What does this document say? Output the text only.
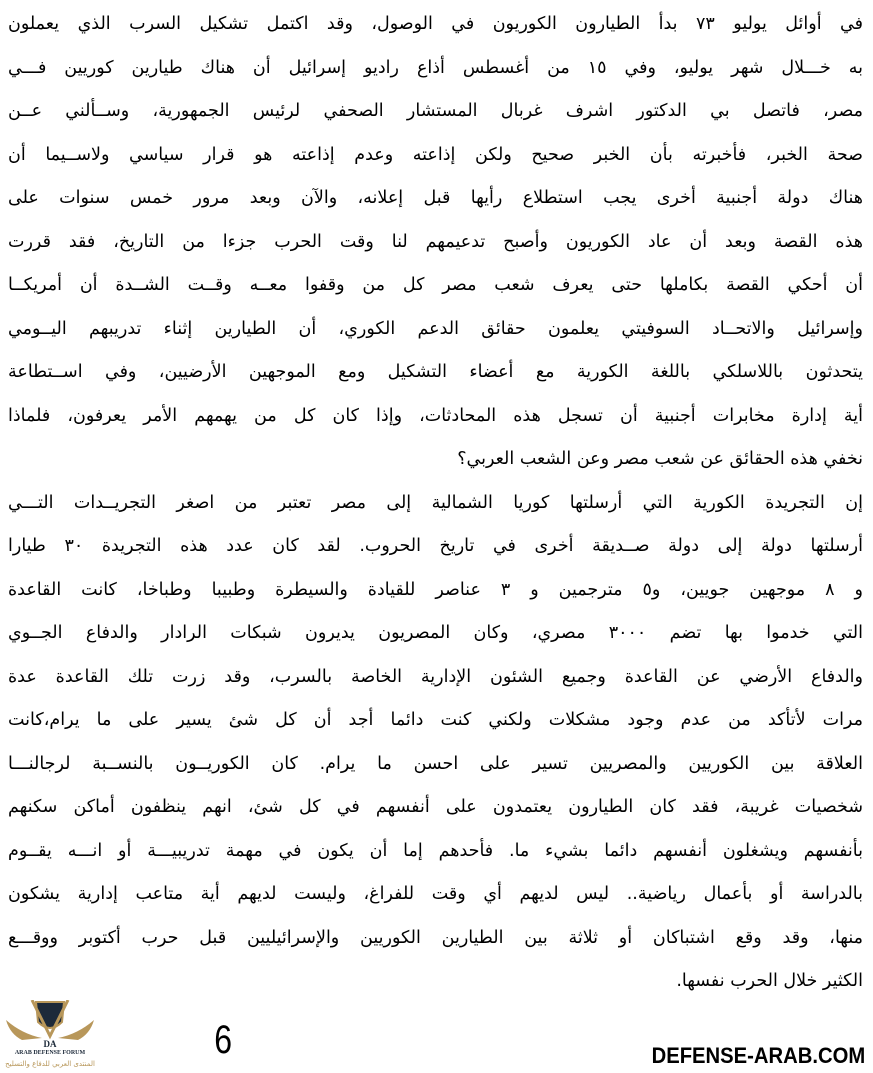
في أوائل يوليو ٧٣ بدأ الطيارون الكوريون في الوصول، وقد اكتمل تشكيل السرب الذي يعملون
به خـــلال شهر يوليو، وفي ١٥ من أغسطس أذاع راديو إسرائيل أن هناك طيارين كوريين فـــي
مصر، فاتصل بي الدكتور اشرف غربال المستشار الصحفي لرئيس الجمهورية، وســألني عــن
صحة الخبر، فأخبرته بأن الخبر صحيح ولكن إذاعته وعدم إذاعته هو قرار سياسي ولاســيما أن
هناك دولة أجنبية أخرى يجب استطلاع رأيها قبل إعلانه، والآن وبعد مرور خمس سنوات على
هذه القصة وبعد أن عاد الكوريون وأصبح تدعيمهم لنا وقت الحرب جزءا من التاريخ، فقد قررت
أن أحكي القصة بكاملها حتى يعرف شعب مصر كل من وقفوا معــه وقــت الشــدة أن أمريكــا
وإسرائيل والاتحــاد السوفيتي يعلمون حقائق الدعم الكوري، أن الطيارين إثناء تدريبهم اليــومي
يتحدثون باللاسلكي باللغة الكورية مع أعضاء التشكيل ومع الموجهين الأرضيين، وفي اســتطاعة
أية إدارة مخابرات أجنبية أن تسجل هذه المحادثات، وإذا كان كل من يهمهم الأمر يعرفون، فلماذا
نخفي هذه الحقائق عن شعب مصر وعن الشعب العربي؟
إن التجريدة الكورية التي أرسلتها كوريا الشمالية إلى مصر تعتبر من اصغر التجريــدات التـــي
أرسلتها دولة إلى دولة صــديقة أخرى في تاريخ الحروب. لقد كان عدد هذه التجريدة ٣٠ طيارا
و ٨ موجهين جويين، و٥ مترجمين و ٣ عناصر للقيادة والسيطرة وطبيبا وطباخا، كانت القاعدة
التي خدموا بها تضم ٣٠٠٠ مصري، وكان المصريون يديرون شبكات الرادار والدفاع الجــوي
والدفاع الأرضي عن القاعدة وجميع الشئون الإدارية الخاصة بالسرب، وقد زرت تلك القاعدة عدة
مرات لأتأكد من عدم وجود مشكلات ولكني كنت دائما أجد أن كل شئ يسير على ما يرام،كانت
العلاقة بين الكوريين والمصريين تسير على احسن ما يرام. كان الكوريــون بالنســبة لرجالنـــا
شخصيات غريبة، فقد كان الطيارون يعتمدون على أنفسهم في كل شئ، انهم ينظفون أماكن سكنهم
بأنفسهم ويشغلون أنفسهم دائما بشيء ما. فأحدهم إما أن يكون في مهمة تدريبيـــة أو انـــه يقــوم
بالدراسة أو بأعمال رياضية.. ليس لديهم أي وقت للفراغ، وليست لديهم أية متاعب إدارية يشكون
منها، وقد وقع اشتباكان أو ثلاثة بين الطيارين الكوريين والإسرائيليين قبل حرب أكتوبر ووقـــع
الكثير خلال الحرب نفسها.
DA
ARAB DEFENSE FORUM
المنتدى العربي للدفاع والتسليح
6	DEFENSE-ARAB.COM
